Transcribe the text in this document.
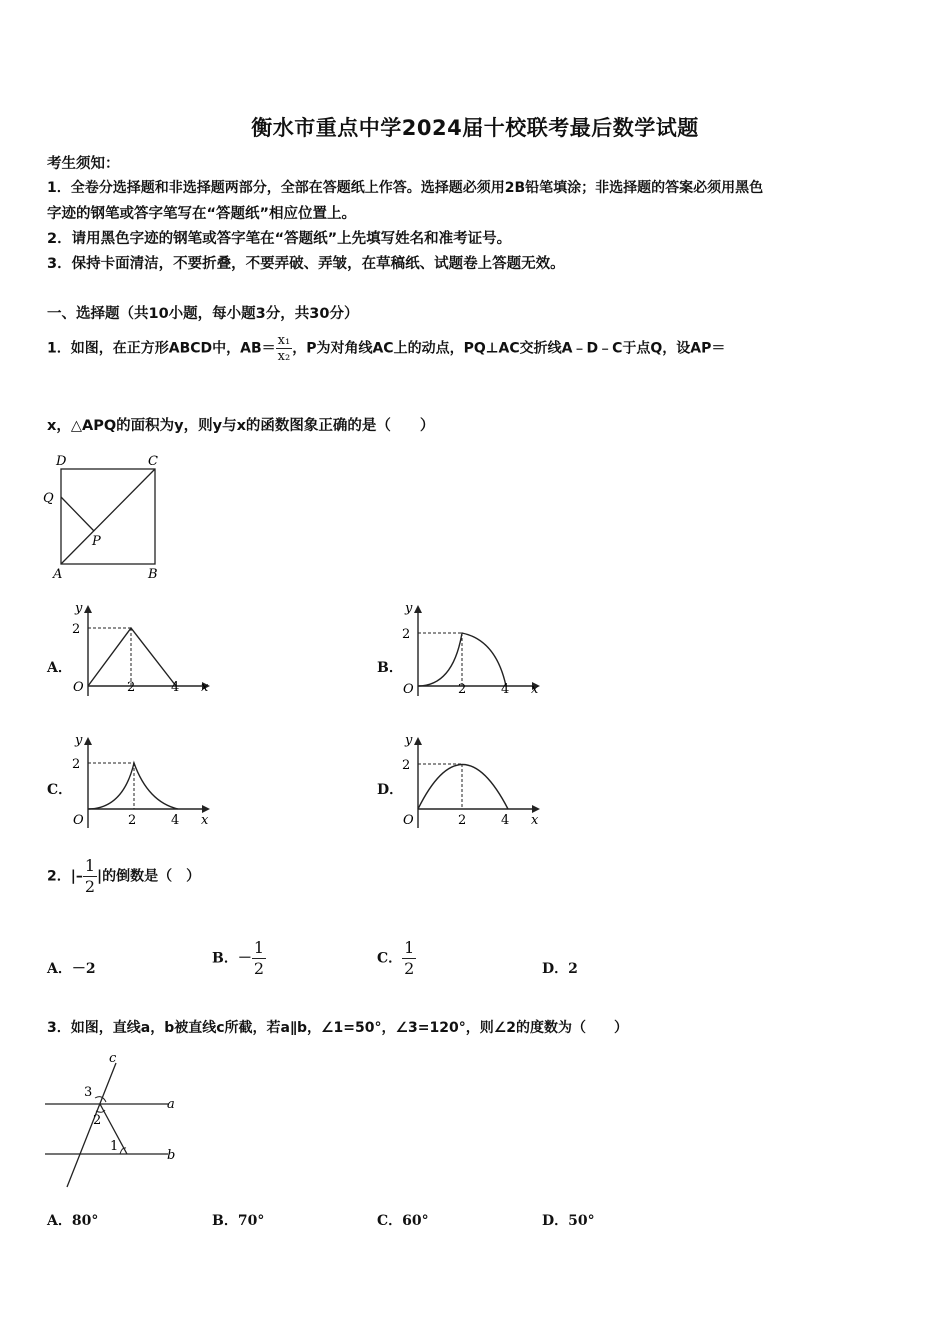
衡水市重点中学2024届十校联考最后数学试题
考生须知：
1．全卷分选择题和非选择题两部分，全部在答题纸上作答。选择题必须用2B铅笔填涂；非选择题的答案必须用黑色
字迹的钢笔或答字笔写在“答题纸”相应位置上。
2．请用黑色字迹的钢笔或答字笔在“答题纸”上先填写姓名和准考证号。
3．保持卡面清洁，不要折叠，不要弄破、弄皱，在草稿纸、试题卷上答题无效。
一、选择题（共10小题，每小题3分，共30分）
1．如图，在正方形ABCD中，$AB= \frac{\text{x₁}}{\text{x₂}}$ ，P为对角线AC上的动点，PQ⊥AC交折线A﹣D﹣C于点Q，设AP＝
x，△APQ的面积为y，则y与x的函数图象正确的是（　　）
D	C
Q
P
A	B
A．
y
2
O	2	4 x
B．
y
2
O	2	4 x
C．
y
2
O	2	4 x
D．
y
2
O	2	4 x
2．|– $\frac{1}{2}$ |的倒数是（　）
A．－2
B．－ $\frac{1}{2}$	C． $\frac{1}{2}$	D．2
3．如图，直线a，b被直线c所截，若a∥b，∠1=50°，∠3=120°，则∠2的度数为（　　）
c
a
b
3
2
1
A．80°	B．70°	C．60°	D．50°
